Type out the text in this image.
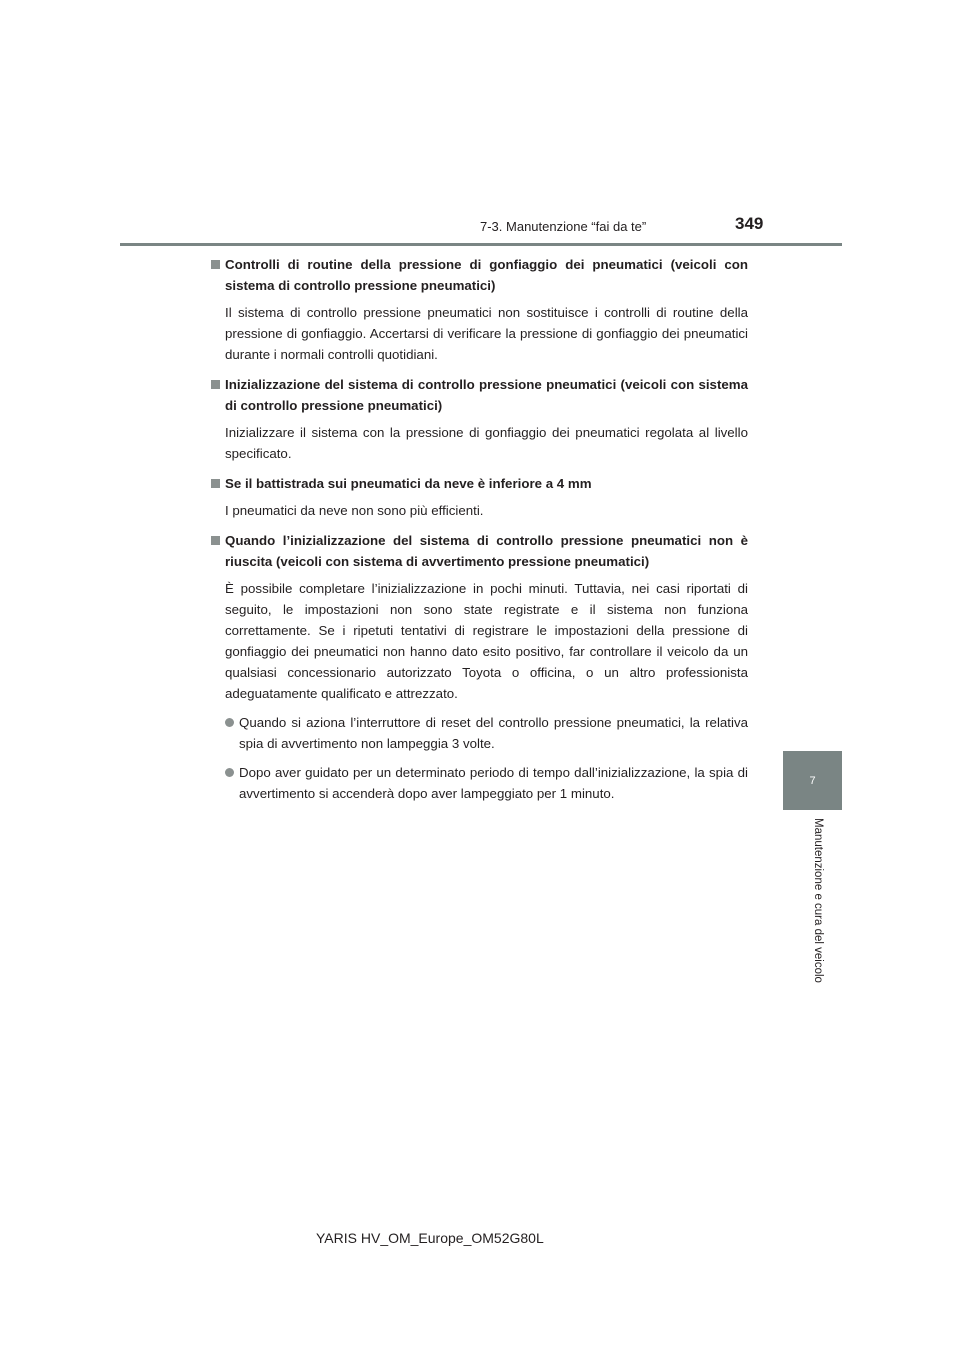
7-3. Manutenzione “fai da te”	349
Controlli di routine della pressione di gonfiaggio dei pneumatici (veicoli con sistema di controllo pressione pneumatici)
Il sistema di controllo pressione pneumatici non sostituisce i controlli di routine della pressione di gonfiaggio. Accertarsi di verificare la pressione di gonfiaggio dei pneumatici durante i normali controlli quotidiani.
Inizializzazione del sistema di controllo pressione pneumatici (veicoli con sistema di controllo pressione pneumatici)
Inizializzare il sistema con la pressione di gonfiaggio dei pneumatici regolata al livello specificato.
Se il battistrada sui pneumatici da neve è inferiore a 4 mm
I pneumatici da neve non sono più efficienti.
Quando l’inizializzazione del sistema di controllo pressione pneumatici non è riuscita (veicoli con sistema di avvertimento pressione pneumatici)
È possibile completare l’inizializzazione in pochi minuti. Tuttavia, nei casi riportati di seguito, le impostazioni non sono state registrate e il sistema non funziona correttamente. Se i ripetuti tentativi di registrare le impostazioni della pressione di gonfiaggio dei pneumatici non hanno dato esito positivo, far controllare il veicolo da un qualsiasi concessionario autorizzato Toyota o officina, o un altro professionista adeguatamente qualificato e attrezzato.
Quando si aziona l’interruttore di reset del controllo pressione pneumatici, la relativa spia di avvertimento non lampeggia 3 volte.
Dopo aver guidato per un determinato periodo di tempo dall’inizializzazione, la spia di avvertimento si accenderà dopo aver lampeggiato per 1 minuto.
7
Manutenzione e cura del veicolo
YARIS HV_OM_Europe_OM52G80L
